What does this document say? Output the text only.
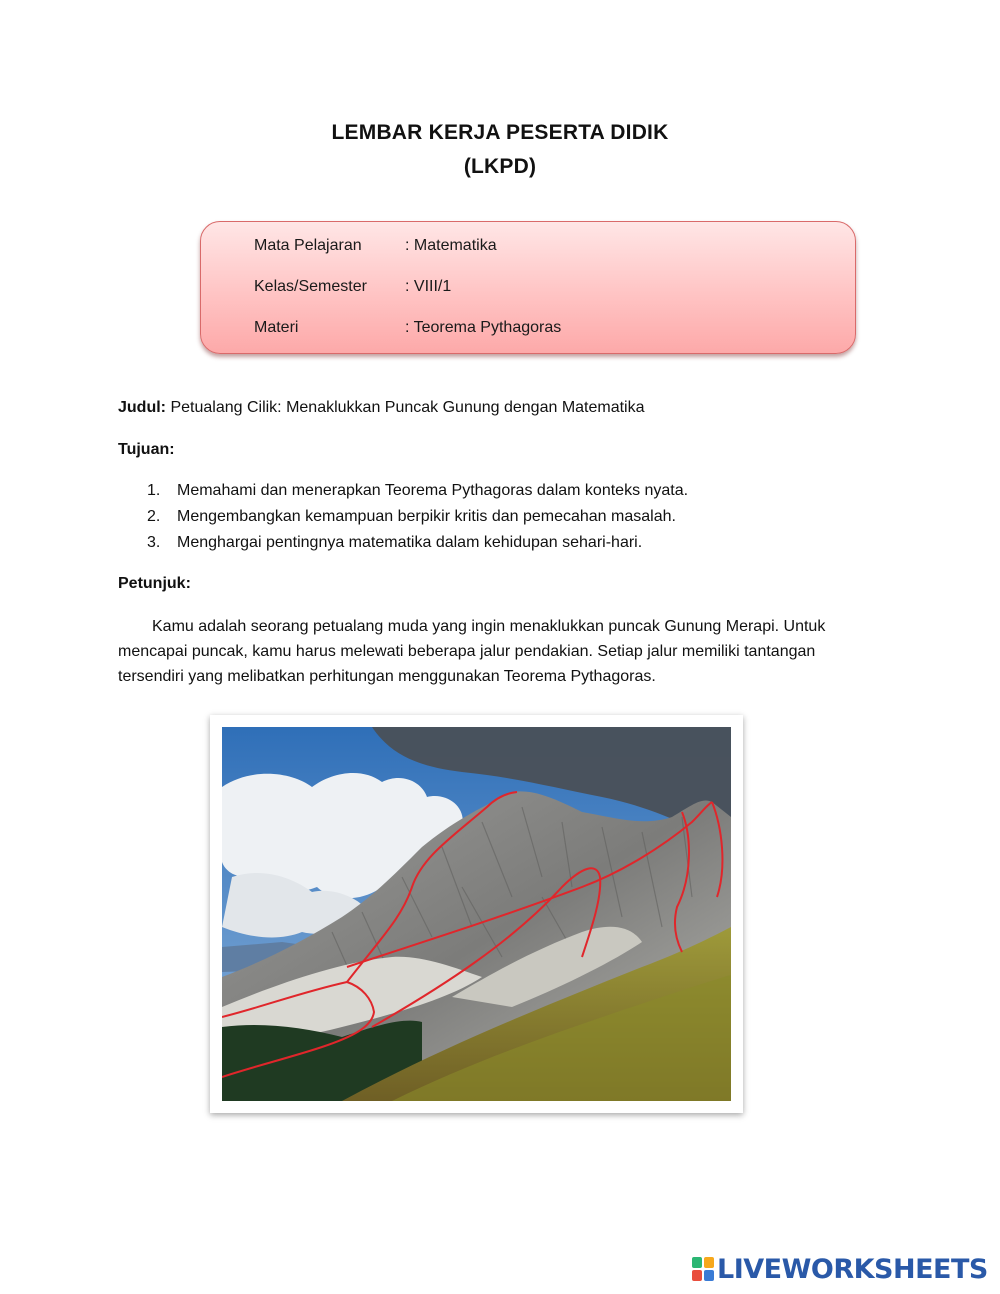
LEMBAR KERJA PESERTA DIDIK
(LKPD)
Mata Pelajaran	: Matematika
Kelas/Semester : VIII/1
Materi	: Teorema Pythagoras
Judul: Petualang Cilik: Menaklukkan Puncak Gunung dengan Matematika
Tujuan:
1. Memahami dan menerapkan Teorema Pythagoras dalam konteks nyata.
2. Mengembangkan kemampuan berpikir kritis dan pemecahan masalah.
3. Menghargai pentingnya matematika dalam kehidupan sehari-hari.
Petunjuk:
Kamu adalah seorang petualang muda yang ingin menaklukkan puncak Gunung Merapi. Untuk
mencapai puncak, kamu harus melewati beberapa jalur pendakian. Setiap jalur memiliki tantangan
tersendiri yang melibatkan perhitungan menggunakan Teorema Pythagoras.
LIVEWORKSHEETS
